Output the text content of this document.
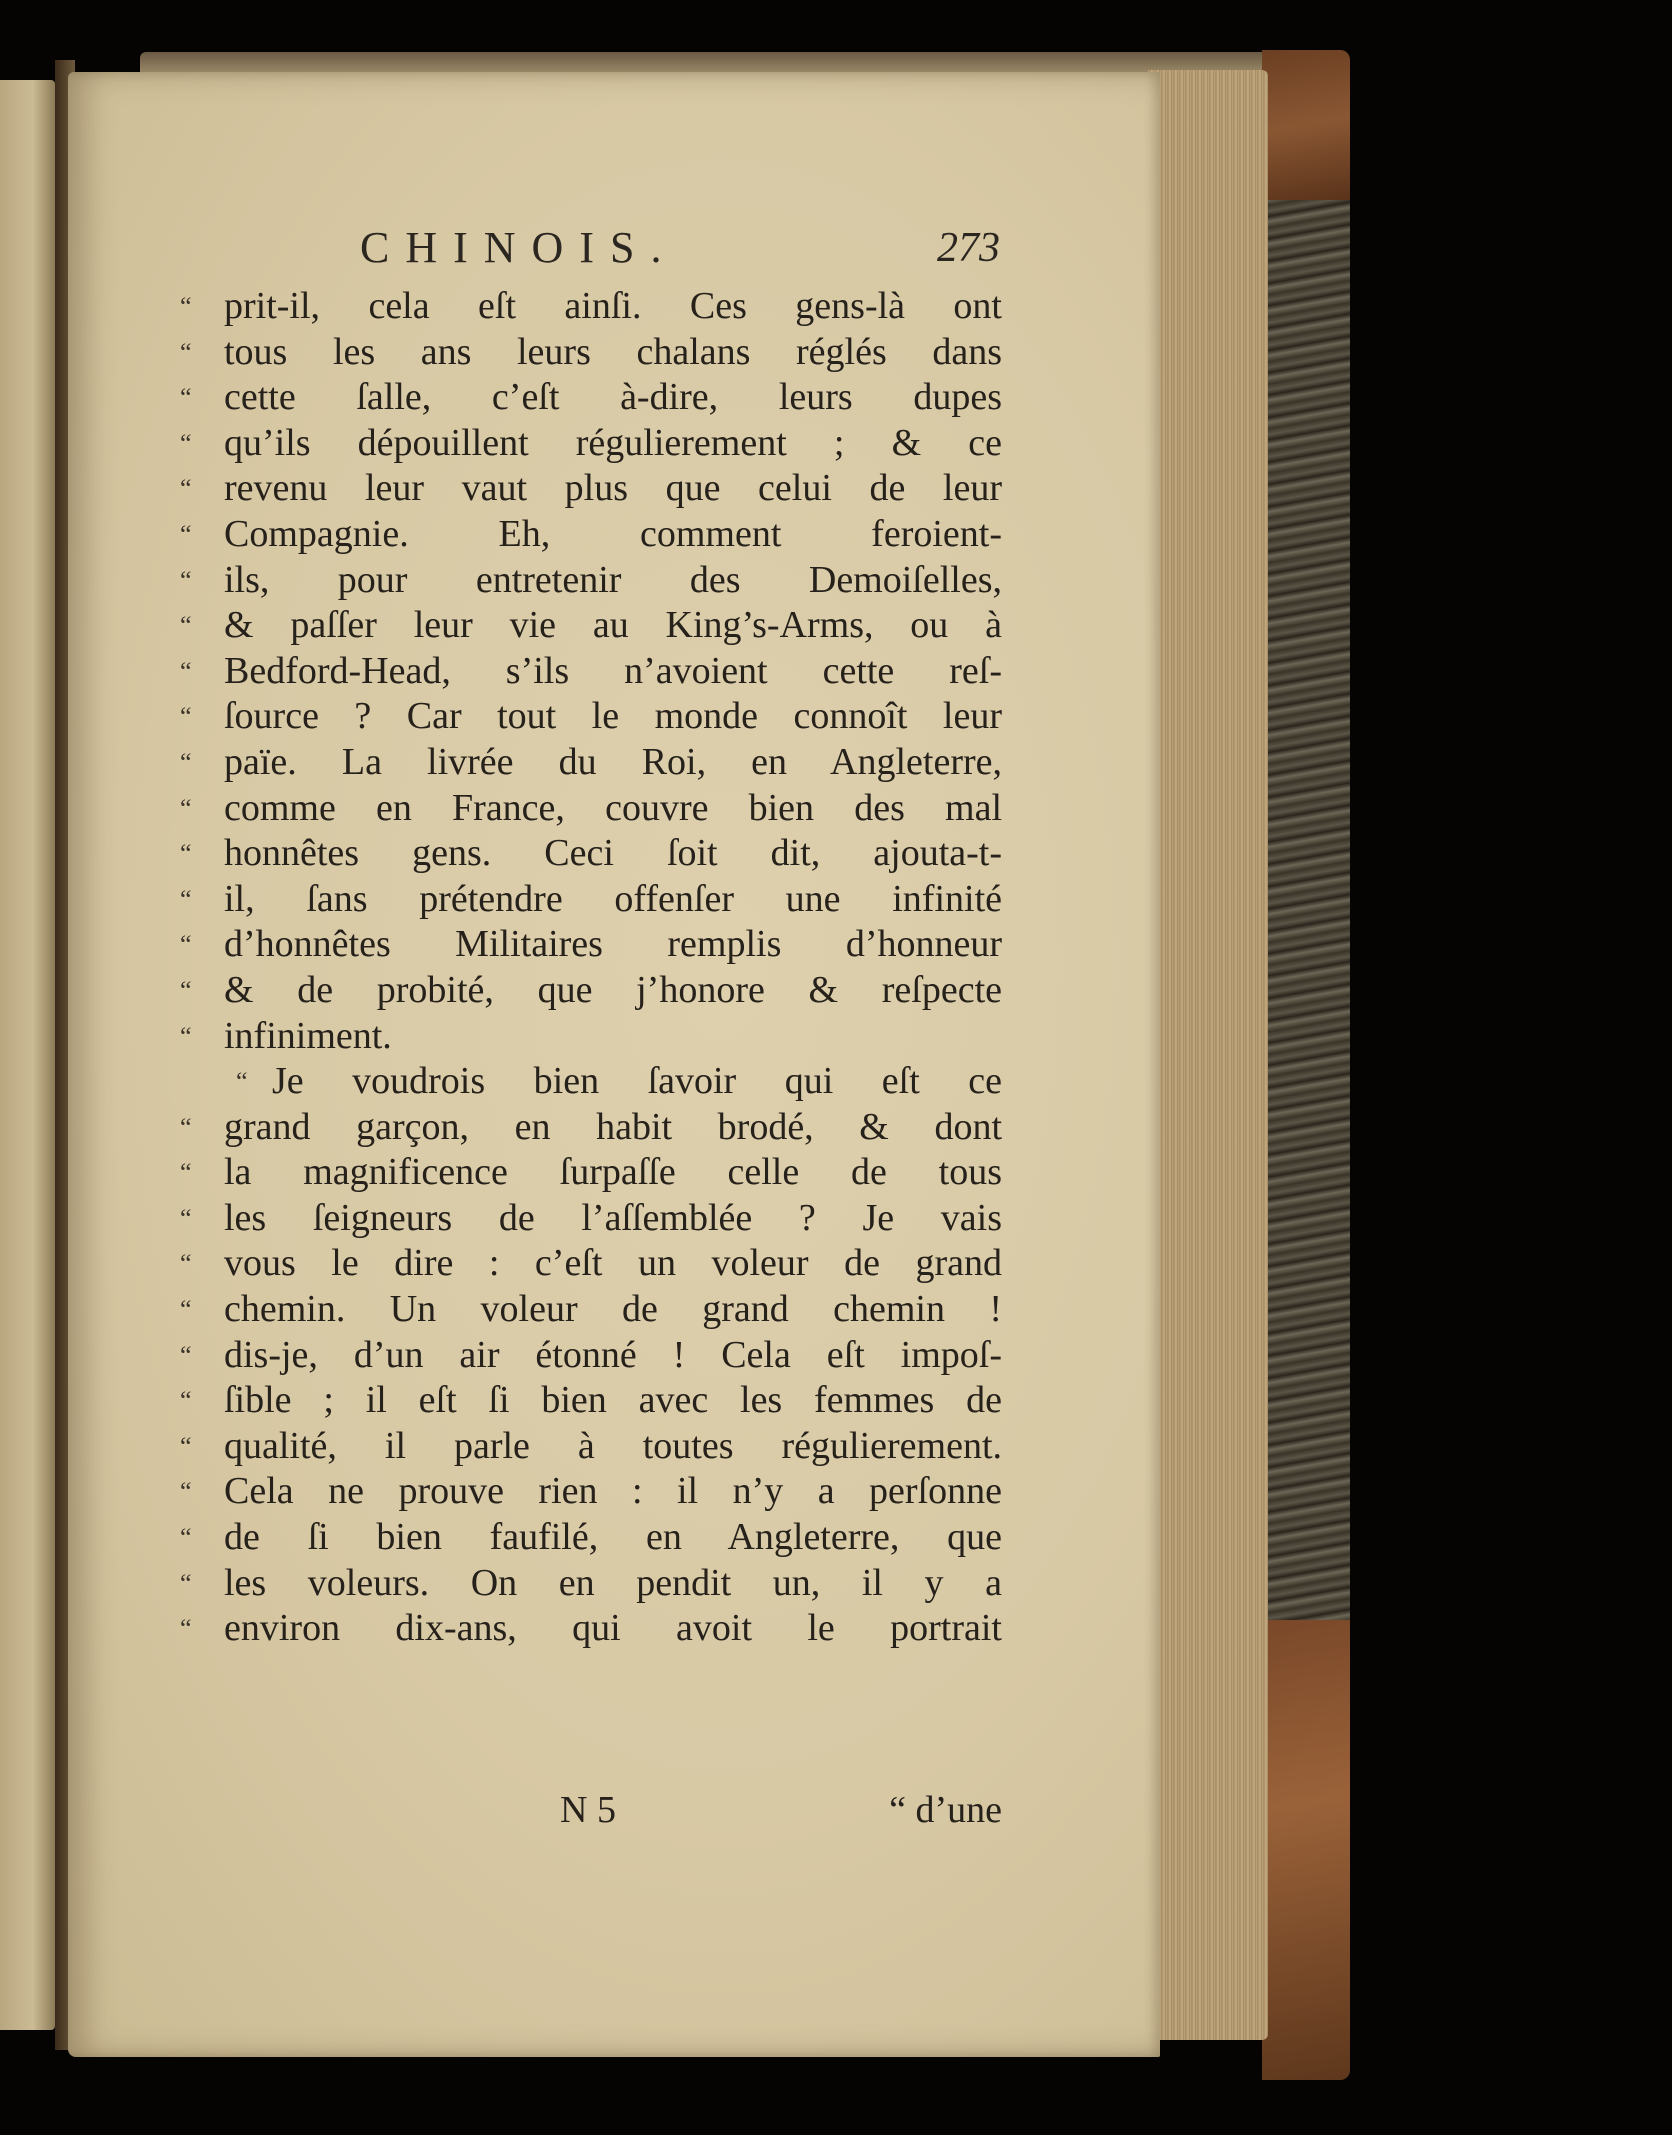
CHINOIS.	273
“ prit-il, cela eſt ainſi. Ces gens-là ont
“ tous les ans leurs chalans réglés dans
“ cette ſalle, c’eſt à-dire, leurs dupes
“ qu’ils dépouillent régulierement ; & ce
“ revenu leur vaut plus que celui de leur
“ Compagnie. Eh, comment feroient-
“ ils, pour entretenir des Demoiſelles,
“ & paſſer leur vie au King’s-Arms, ou à
“ Bedford-Head, s’ils n’avoient cette reſ-
“ ſource ? Car tout le monde connoît leur
“ païe. La livrée du Roi, en Angleterre,
“ comme en France, couvre bien des mal
“ honnêtes gens. Ceci ſoit dit, ajouta-t-
“ il, ſans prétendre offenſer une infinité
“ d’honnêtes Militaires remplis d’honneur
“ & de probité, que j’honore & reſpecte
“ infiniment.
“ Je voudrois bien ſavoir qui eſt ce
“ grand garçon, en habit brodé, & dont
“ la magnificence ſurpaſſe celle de tous
“ les ſeigneurs de l’aſſemblée ? Je vais
“ vous le dire : c’eſt un voleur de grand
“ chemin. Un voleur de grand chemin !
“ dis-je, d’un air étonné ! Cela eſt impoſ-
“ ſible ; il eſt ſi bien avec les femmes de
“ qualité, il parle à toutes régulierement.
“ Cela ne prouve rien : il n’y a perſonne
“ de ſi bien faufilé, en Angleterre, que
“ les voleurs. On en pendit un, il y a
“ environ dix-ans, qui avoit le portrait
N 5	“ d’une
